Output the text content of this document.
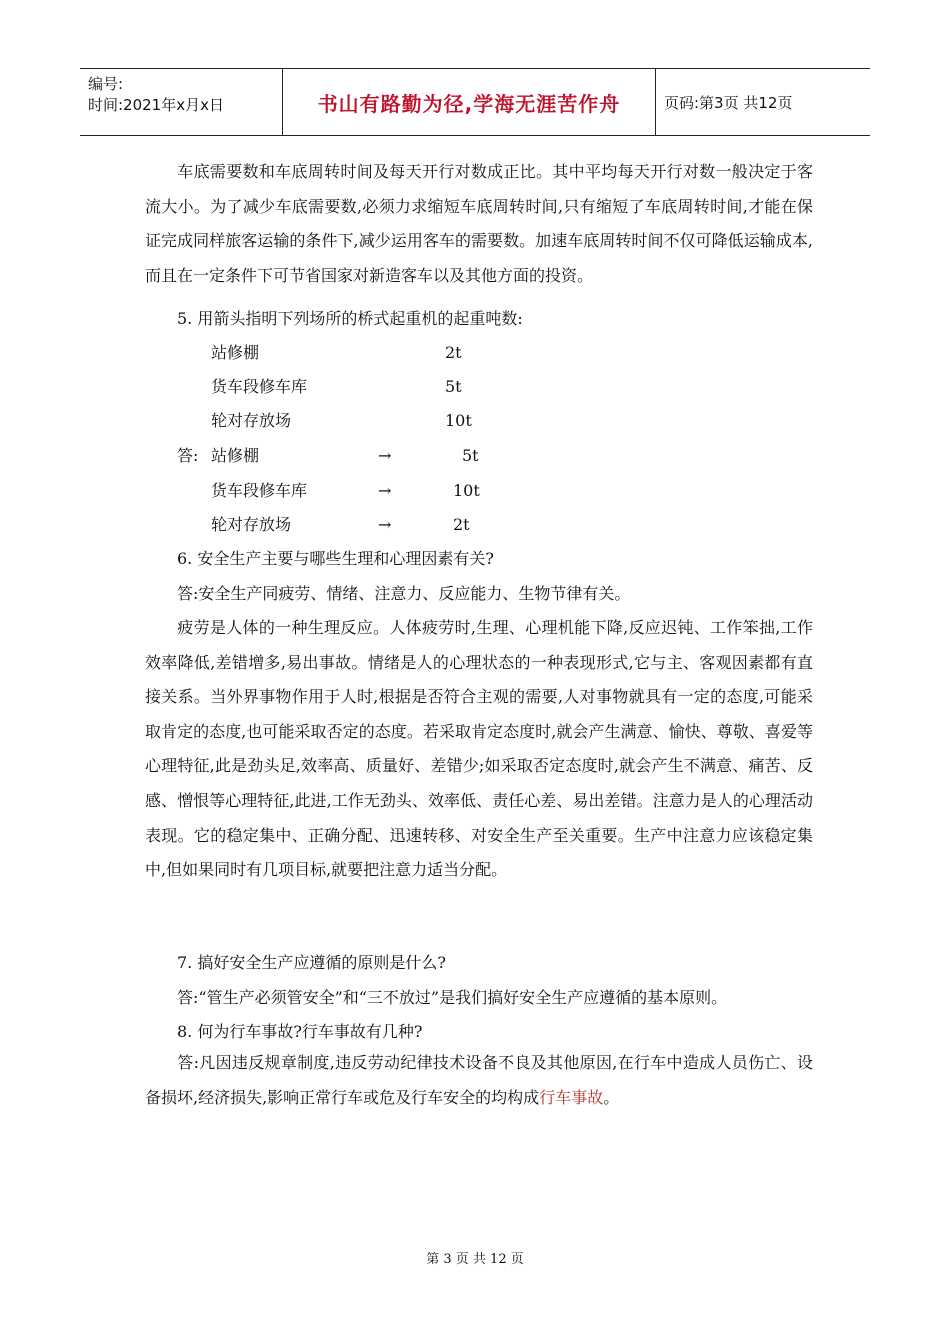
编号:
时间:2021年x月x日	书山有路勤为径,学海无涯苦作舟	页码:第3页 共12页
车底需要数和车底周转时间及每天开行对数成正比。其中平均每天开行对数一般决定于客流大小。为了减少车底需要数,必须力求缩短车底周转时间,只有缩短了车底周转时间,才能在保证完成同样旅客运输的条件下,减少运用客车的需要数。加速车底周转时间不仅可降低运输成本,而且在一定条件下可节省国家对新造客车以及其他方面的投资。
5. 用箭头指明下列场所的桥式起重机的起重吨数:
站修棚	2t
货车段修车库	5t
轮对存放场	10t
答: 站修棚	→	5t
货车段修车库	→	10t
轮对存放场	→	2t
6. 安全生产主要与哪些生理和心理因素有关?
答:安全生产同疲劳、情绪、注意力、反应能力、生物节律有关。
疲劳是人体的一种生理反应。人体疲劳时,生理、心理机能下降,反应迟钝、工作笨拙,工作效率降低,差错增多,易出事故。情绪是人的心理状态的一种表现形式,它与主、客观因素都有直接关系。当外界事物作用于人时,根据是否符合主观的需要,人对事物就具有一定的态度,可能采取肯定的态度,也可能采取否定的态度。若采取肯定态度时,就会产生满意、愉快、尊敬、喜爱等心理特征,此是劲头足,效率高、质量好、差错少;如采取否定态度时,就会产生不满意、痛苦、反感、憎恨等心理特征,此进,工作无劲头、效率低、责任心差、易出差错。注意力是人的心理活动表现。它的稳定集中、正确分配、迅速转移、对安全生产至关重要。生产中注意力应该稳定集中,但如果同时有几项目标,就要把注意力适当分配。
7. 搞好安全生产应遵循的原则是什么?
答:“管生产必须管安全”和“三不放过”是我们搞好安全生产应遵循的基本原则。
8. 何为行车事故?行车事故有几种?
答:凡因违反规章制度,违反劳动纪律技术设备不良及其他原因,在行车中造成人员伤亡、设备损坏,经济损失,影响正常行车或危及行车安全的均构成行车事故。
第 3 页 共 12 页
